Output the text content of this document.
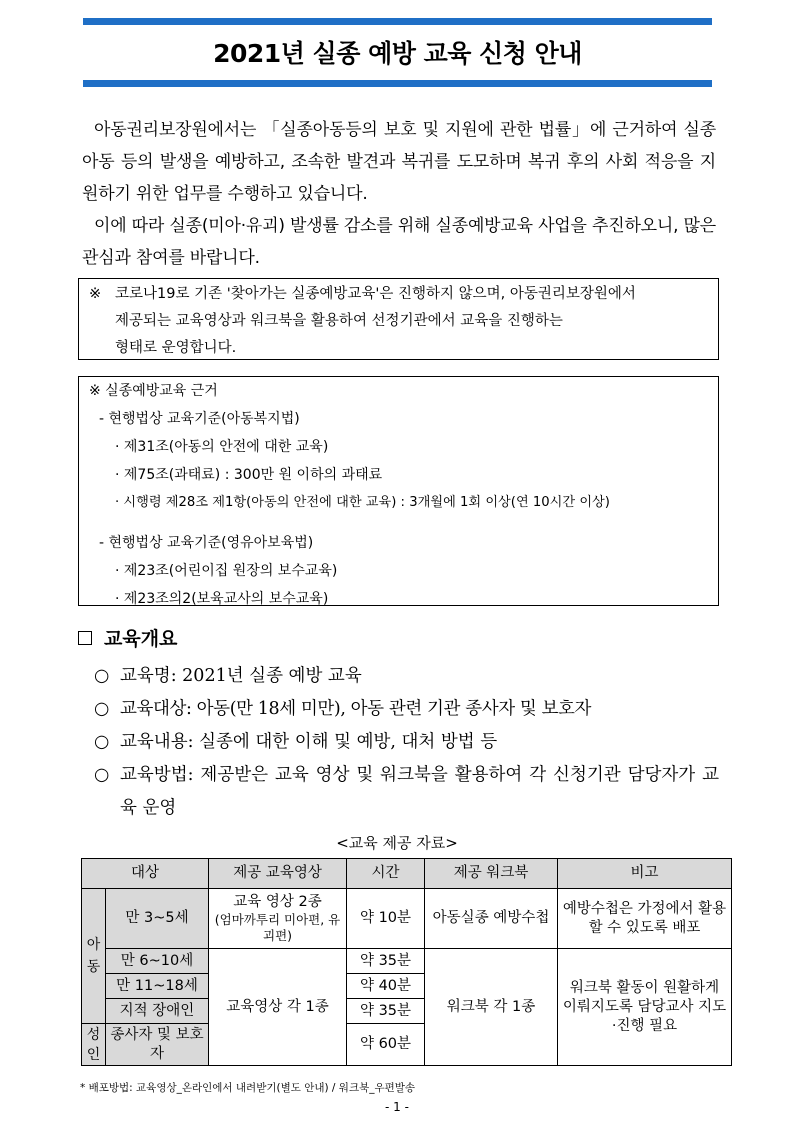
2021년 실종 예방 교육 신청 안내
아동권리보장원에서는 「실종아동등의 보호 및 지원에 관한 법률」에 근거하여 실종아동 등의 발생을 예방하고, 조속한 발견과 복귀를 도모하며 복귀 후의 사회 적응을 지원하기 위한 업무를 수행하고 있습니다.
이에 따라 실종(미아·유괴) 발생률 감소를 위해 실종예방교육 사업을 추진하오니, 많은 관심과 참여를 바랍니다.
※ 코로나19로 기존 '찾아가는 실종예방교육'은 진행하지 않으며, 아동권리보장원에서
제공되는 교육영상과 워크북을 활용하여 선정기관에서 교육을 진행하는
형태로 운영합니다.
※ 실종예방교육 근거
- 현행법상 교육기준(아동복지법)
· 제31조(아동의 안전에 대한 교육)
· 제75조(과태료) : 300만 원 이하의 과태료
· 시행령 제28조 제1항(아동의 안전에 대한 교육) : 3개월에 1회 이상(연 10시간 이상)
- 현행법상 교육기준(영유아보육법)
· 제23조(어린이집 원장의 보수교육)
· 제23조의2(보육교사의 보수교육)
교육개요
○ 교육명: 2021년 실종 예방 교육
○ 교육대상: 아동(만 18세 미만), 아동 관련 기관 종사자 및 보호자
○ 교육내용: 실종에 대한 이해 및 예방, 대처 방법 등
○ 교육방법: 제공받은 교육 영상 및 워크북을 활용하여 각 신청기관 담당자가 교육 운영
<교육 제공 자료>
대상		제공 교육영상	시간	제공 워크북	비고
아동	만 3~5세	교육 영상 2종
(엄마까투리 미아편, 유괴편)	약 10분	아동실종 예방수첩	예방수첩은 가정에서 활용할 수 있도록 배포
	만 6~10세	교육영상 각 1종	약 35분	워크북 각 1종	워크북 활동이 원활하게 이뤄지도록 담당교사 지도·진행 필요
	만 11~18세		약 40분		
	지적 장애인		약 35분		
성인	종사자 및 보호자		약 60분		
* 배포방법: 교육영상_온라인에서 내려받기(별도 안내) / 워크북_우편발송
- 1 -
